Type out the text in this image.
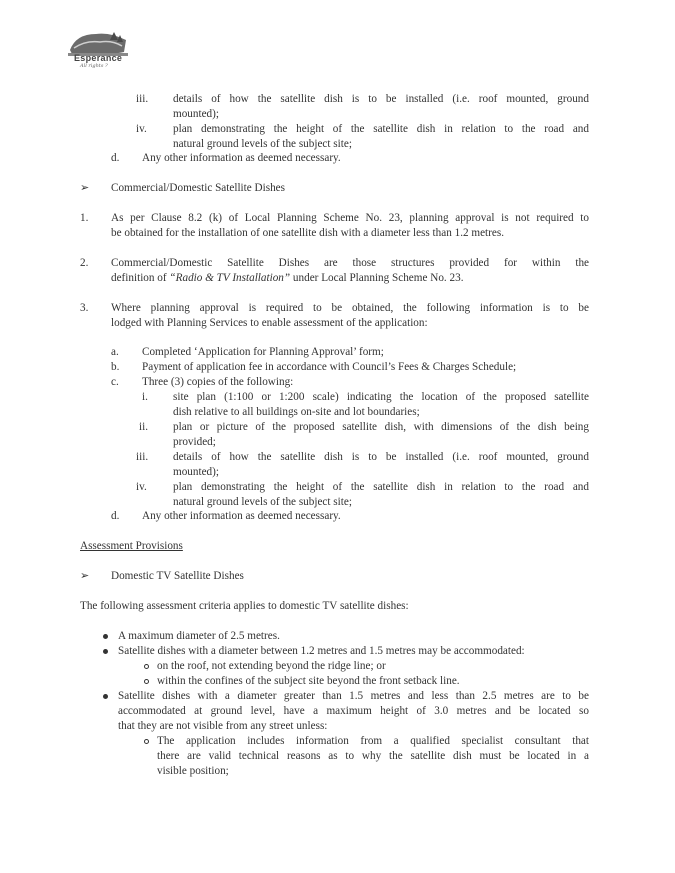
Esperance
All rights ?
iii. details of how the satellite dish is to be installed (i.e. roof mounted, ground
mounted);
iv. plan demonstrating the height of the satellite dish in relation to the road and
natural ground levels of the subject site;
d. Any other information as deemed necessary.
➢ Commercial/Domestic Satellite Dishes
1. As per Clause 8.2 (k) of Local Planning Scheme No. 23, planning approval is not required to
be obtained for the installation of one satellite dish with a diameter less than 1.2 metres.
2. Commercial/Domestic Satellite Dishes are those structures provided for within the
definition of “Radio & TV Installation” under Local Planning Scheme No. 23.
3. Where planning approval is required to be obtained, the following information is to be
lodged with Planning Services to enable assessment of the application:
a. Completed ‘Application for Planning Approval’ form;
b. Payment of application fee in accordance with Council’s Fees & Charges Schedule;
c. Three (3) copies of the following:
i. site plan (1:100 or 1:200 scale) indicating the location of the proposed satellite
dish relative to all buildings on-site and lot boundaries;
ii. plan or picture of the proposed satellite dish, with dimensions of the dish being
provided;
iii. details of how the satellite dish is to be installed (i.e. roof mounted, ground
mounted);
iv. plan demonstrating the height of the satellite dish in relation to the road and
natural ground levels of the subject site;
d. Any other information as deemed necessary.
Assessment Provisions
➢ Domestic TV Satellite Dishes
The following assessment criteria applies to domestic TV satellite dishes:
A maximum diameter of 2.5 metres.
Satellite dishes with a diameter between 1.2 metres and 1.5 metres may be accommodated:
on the roof, not extending beyond the ridge line; or
within the confines of the subject site beyond the front setback line.
Satellite dishes with a diameter greater than 1.5 metres and less than 2.5 metres are to be
accommodated at ground level, have a maximum height of 3.0 metres and be located so
that they are not visible from any street unless:
The application includes information from a qualified specialist consultant that
there are valid technical reasons as to why the satellite dish must be located in a
visible position;
